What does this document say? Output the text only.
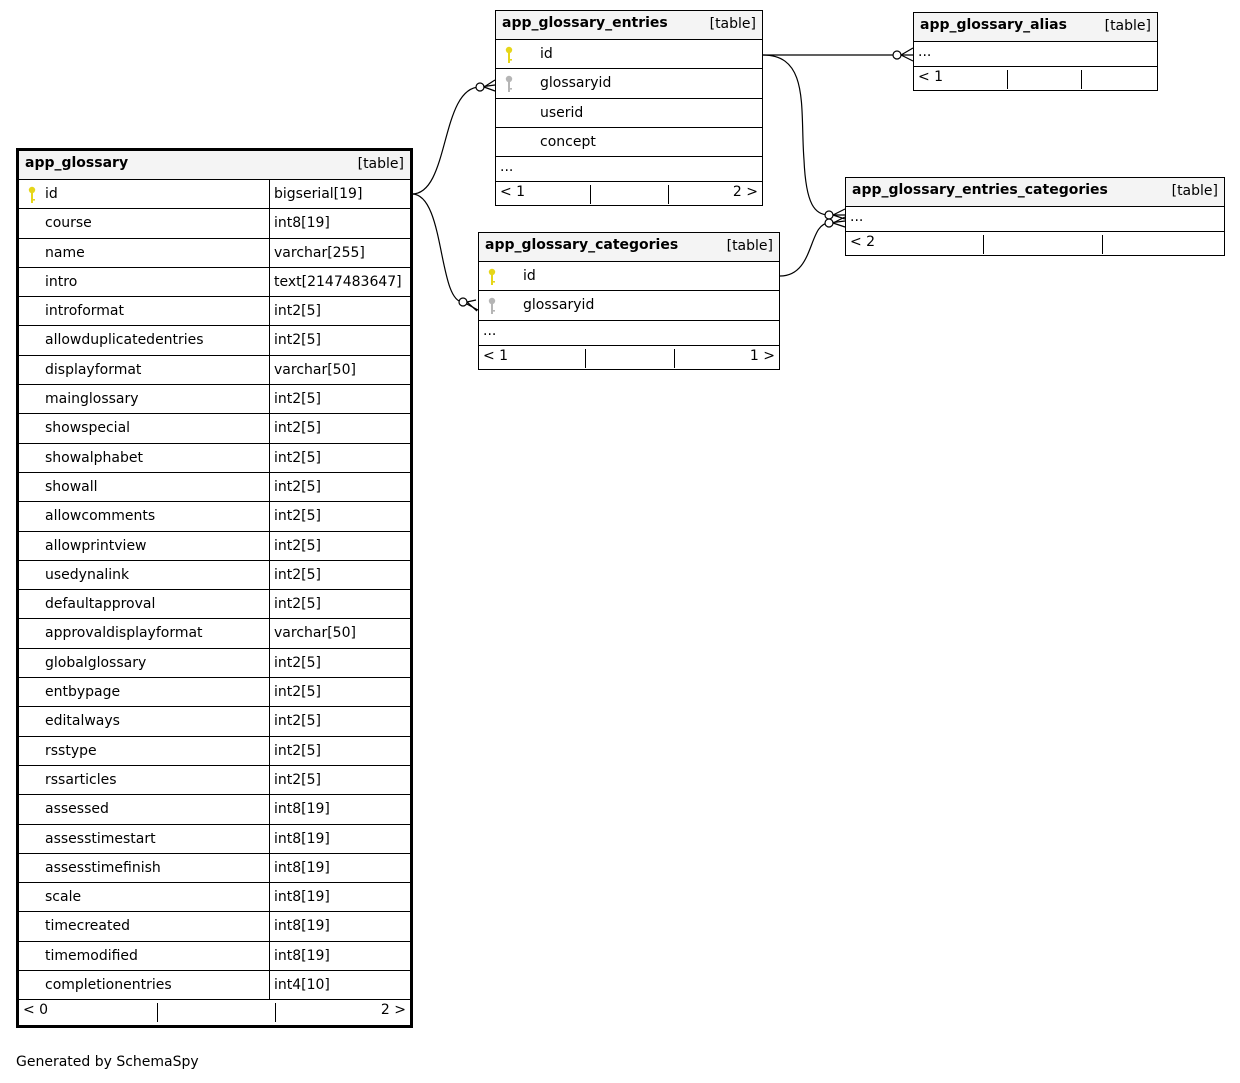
app_glossary	[table]
id	bigserial[19]
course	int8[19]
name	varchar[255]
intro	text[2147483647]
introformat	int2[5]
allowduplicatedentries	int2[5]
displayformat	varchar[50]
mainglossary	int2[5]
showspecial	int2[5]
showalphabet	int2[5]
showall	int2[5]
allowcomments	int2[5]
allowprintview	int2[5]
usedynalink	int2[5]
defaultapproval	int2[5]
approvaldisplayformat	varchar[50]
globalglossary	int2[5]
entbypage	int2[5]
editalways	int2[5]
rsstype	int2[5]
rssarticles	int2[5]
assessed	int8[19]
assesstimestart	int8[19]
assesstimefinish	int8[19]
scale	int8[19]
timecreated	int8[19]
timemodified	int8[19]
completionentries	int4[10]
< 0	2 >
app_glossary_entries	[table]
id
glossaryid
userid
concept
...
< 1	2 >
app_glossary_categories	[table]
id
glossaryid
...
< 1	1 >
app_glossary_alias	[table]
...
< 1
app_glossary_entries_categories	[table]
...
< 2
Generated by SchemaSpy
